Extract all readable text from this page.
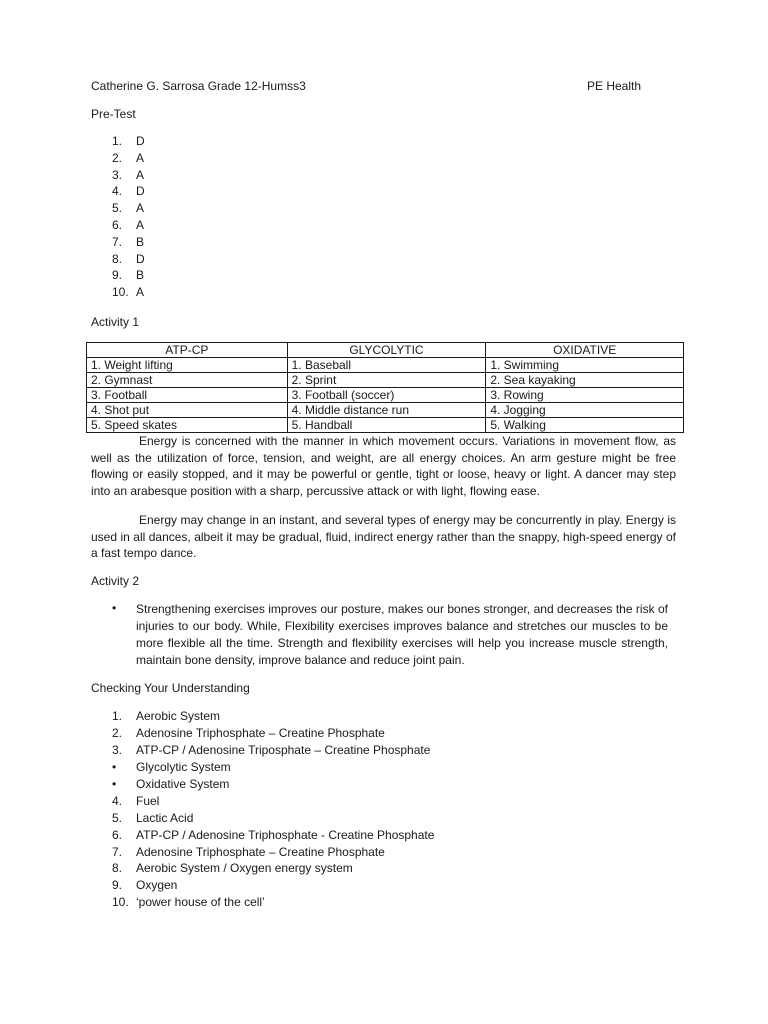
Catherine G. Sarrosa Grade 12-Humss3	PE Health
Pre-Test
1. D
2. A
3. A
4. D
5. A
6. A
7. B
8. D
9. B
10. A
Activity 1
ATP-CP	GLYCOLYTIC	OXIDATIVE
1. Weight lifting	1. Baseball	1. Swimming
2. Gymnast	2. Sprint	2. Sea kayaking
3. Football	3. Football (soccer)	3. Rowing
4. Shot put	4. Middle distance run	4. Jogging
5. Speed skates	5. Handball	5. Walking

Energy is concerned with the manner in which movement occurs. Variations in movement flow, as well as the utilization of force, tension, and weight, are all energy choices. An arm gesture might be free flowing or easily stopped, and it may be powerful or gentle, tight or loose, heavy or light. A dancer may step into an arabesque position with a sharp, percussive attack or with light, flowing ease.

Energy may change in an instant, and several types of energy may be concurrently in play. Energy is used in all dances, albeit it may be gradual, fluid, indirect energy rather than the snappy, high-speed energy of a fast tempo dance.

Activity 2
• Strengthening exercises improves our posture, makes our bones stronger, and decreases the risk of injuries to our body. While, Flexibility exercises improves balance and stretches our muscles to be more flexible all the time. Strength and flexibility exercises will help you increase muscle strength, maintain bone density, improve balance and reduce joint pain.
Checking Your Understanding
1. Aerobic System
2. Adenosine Triphosphate – Creatine Phosphate
3. ATP-CP / Adenosine Triposphate – Creatine Phosphate
• Glycolytic System
• Oxidative System
4. Fuel
5. Lactic Acid
6. ATP-CP / Adenosine Triphosphate - Creatine Phosphate
7. Adenosine Triphosphate – Creatine Phosphate
8. Aerobic System / Oxygen energy system
9. Oxygen
10. ‘power house of the cell’
